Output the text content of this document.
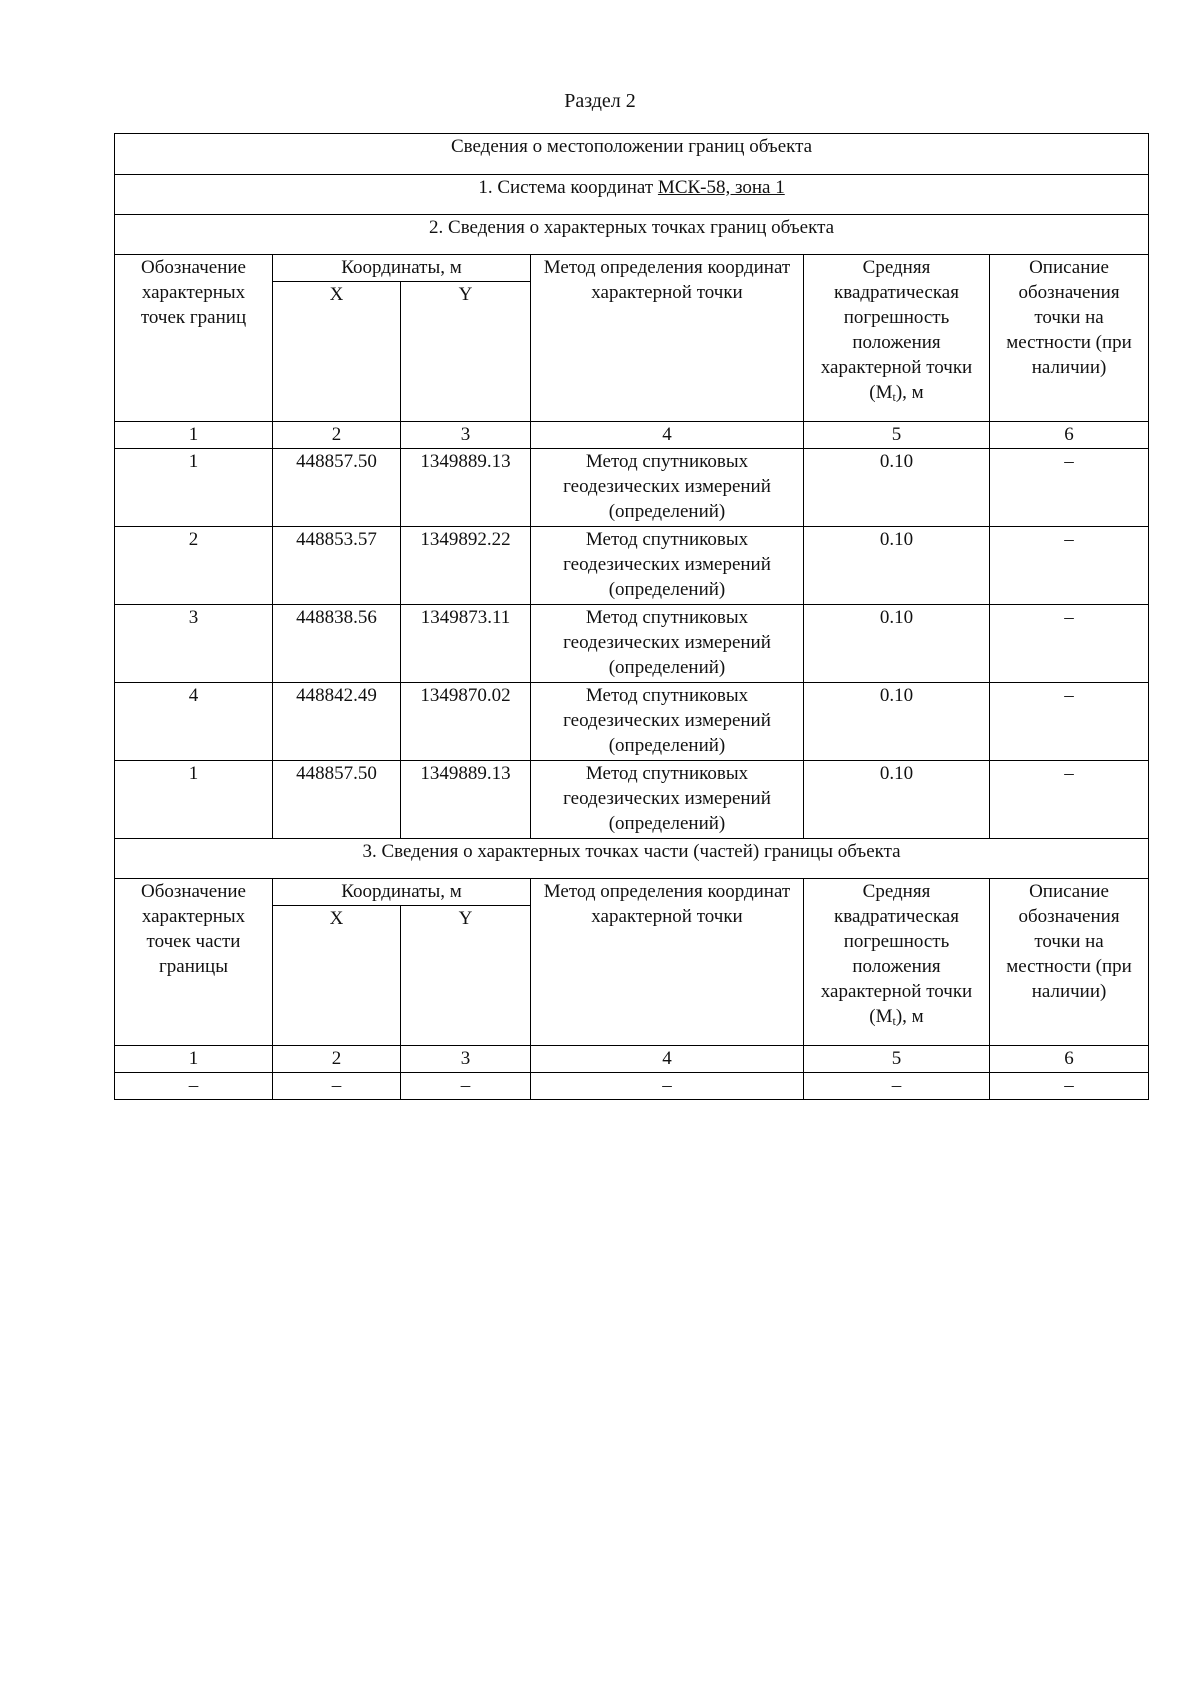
Раздел 2
Сведения о местоположении границ объекта					
1. Система координат МСК-58, зона 1					
2. Сведения о характерных точках границ объекта					
Обозначение характерных точек границ	Координаты, м		Метод определения координат характерной точки	Средняя квадратическая погрешность положения характерной точки $(M_t)$, м	Описание обозначения точки на местности (при наличии)
	X	Y			
1	2	3	4	5	6
1	448857.50	1349889.13	Метод спутниковых геодезических измерений (определений)	0.10	–
2	448853.57	1349892.22	Метод спутниковых геодезических измерений (определений)	0.10	–
3	448838.56	1349873.11	Метод спутниковых геодезических измерений (определений)	0.10	–
4	448842.49	1349870.02	Метод спутниковых геодезических измерений (определений)	0.10	–
1	448857.50	1349889.13	Метод спутниковых геодезических измерений (определений)	0.10	–
3. Сведения о характерных точках части (частей) границы объекта					
Обозначение характерных точек части границы	Координаты, м		Метод определения координат характерной точки	Средняя квадратическая погрешность положения характерной точки $(M_t)$, м	Описание обозначения точки на местности (при наличии)
	X	Y			
1	2	3	4	5	6
–	–	–	–	–	–
